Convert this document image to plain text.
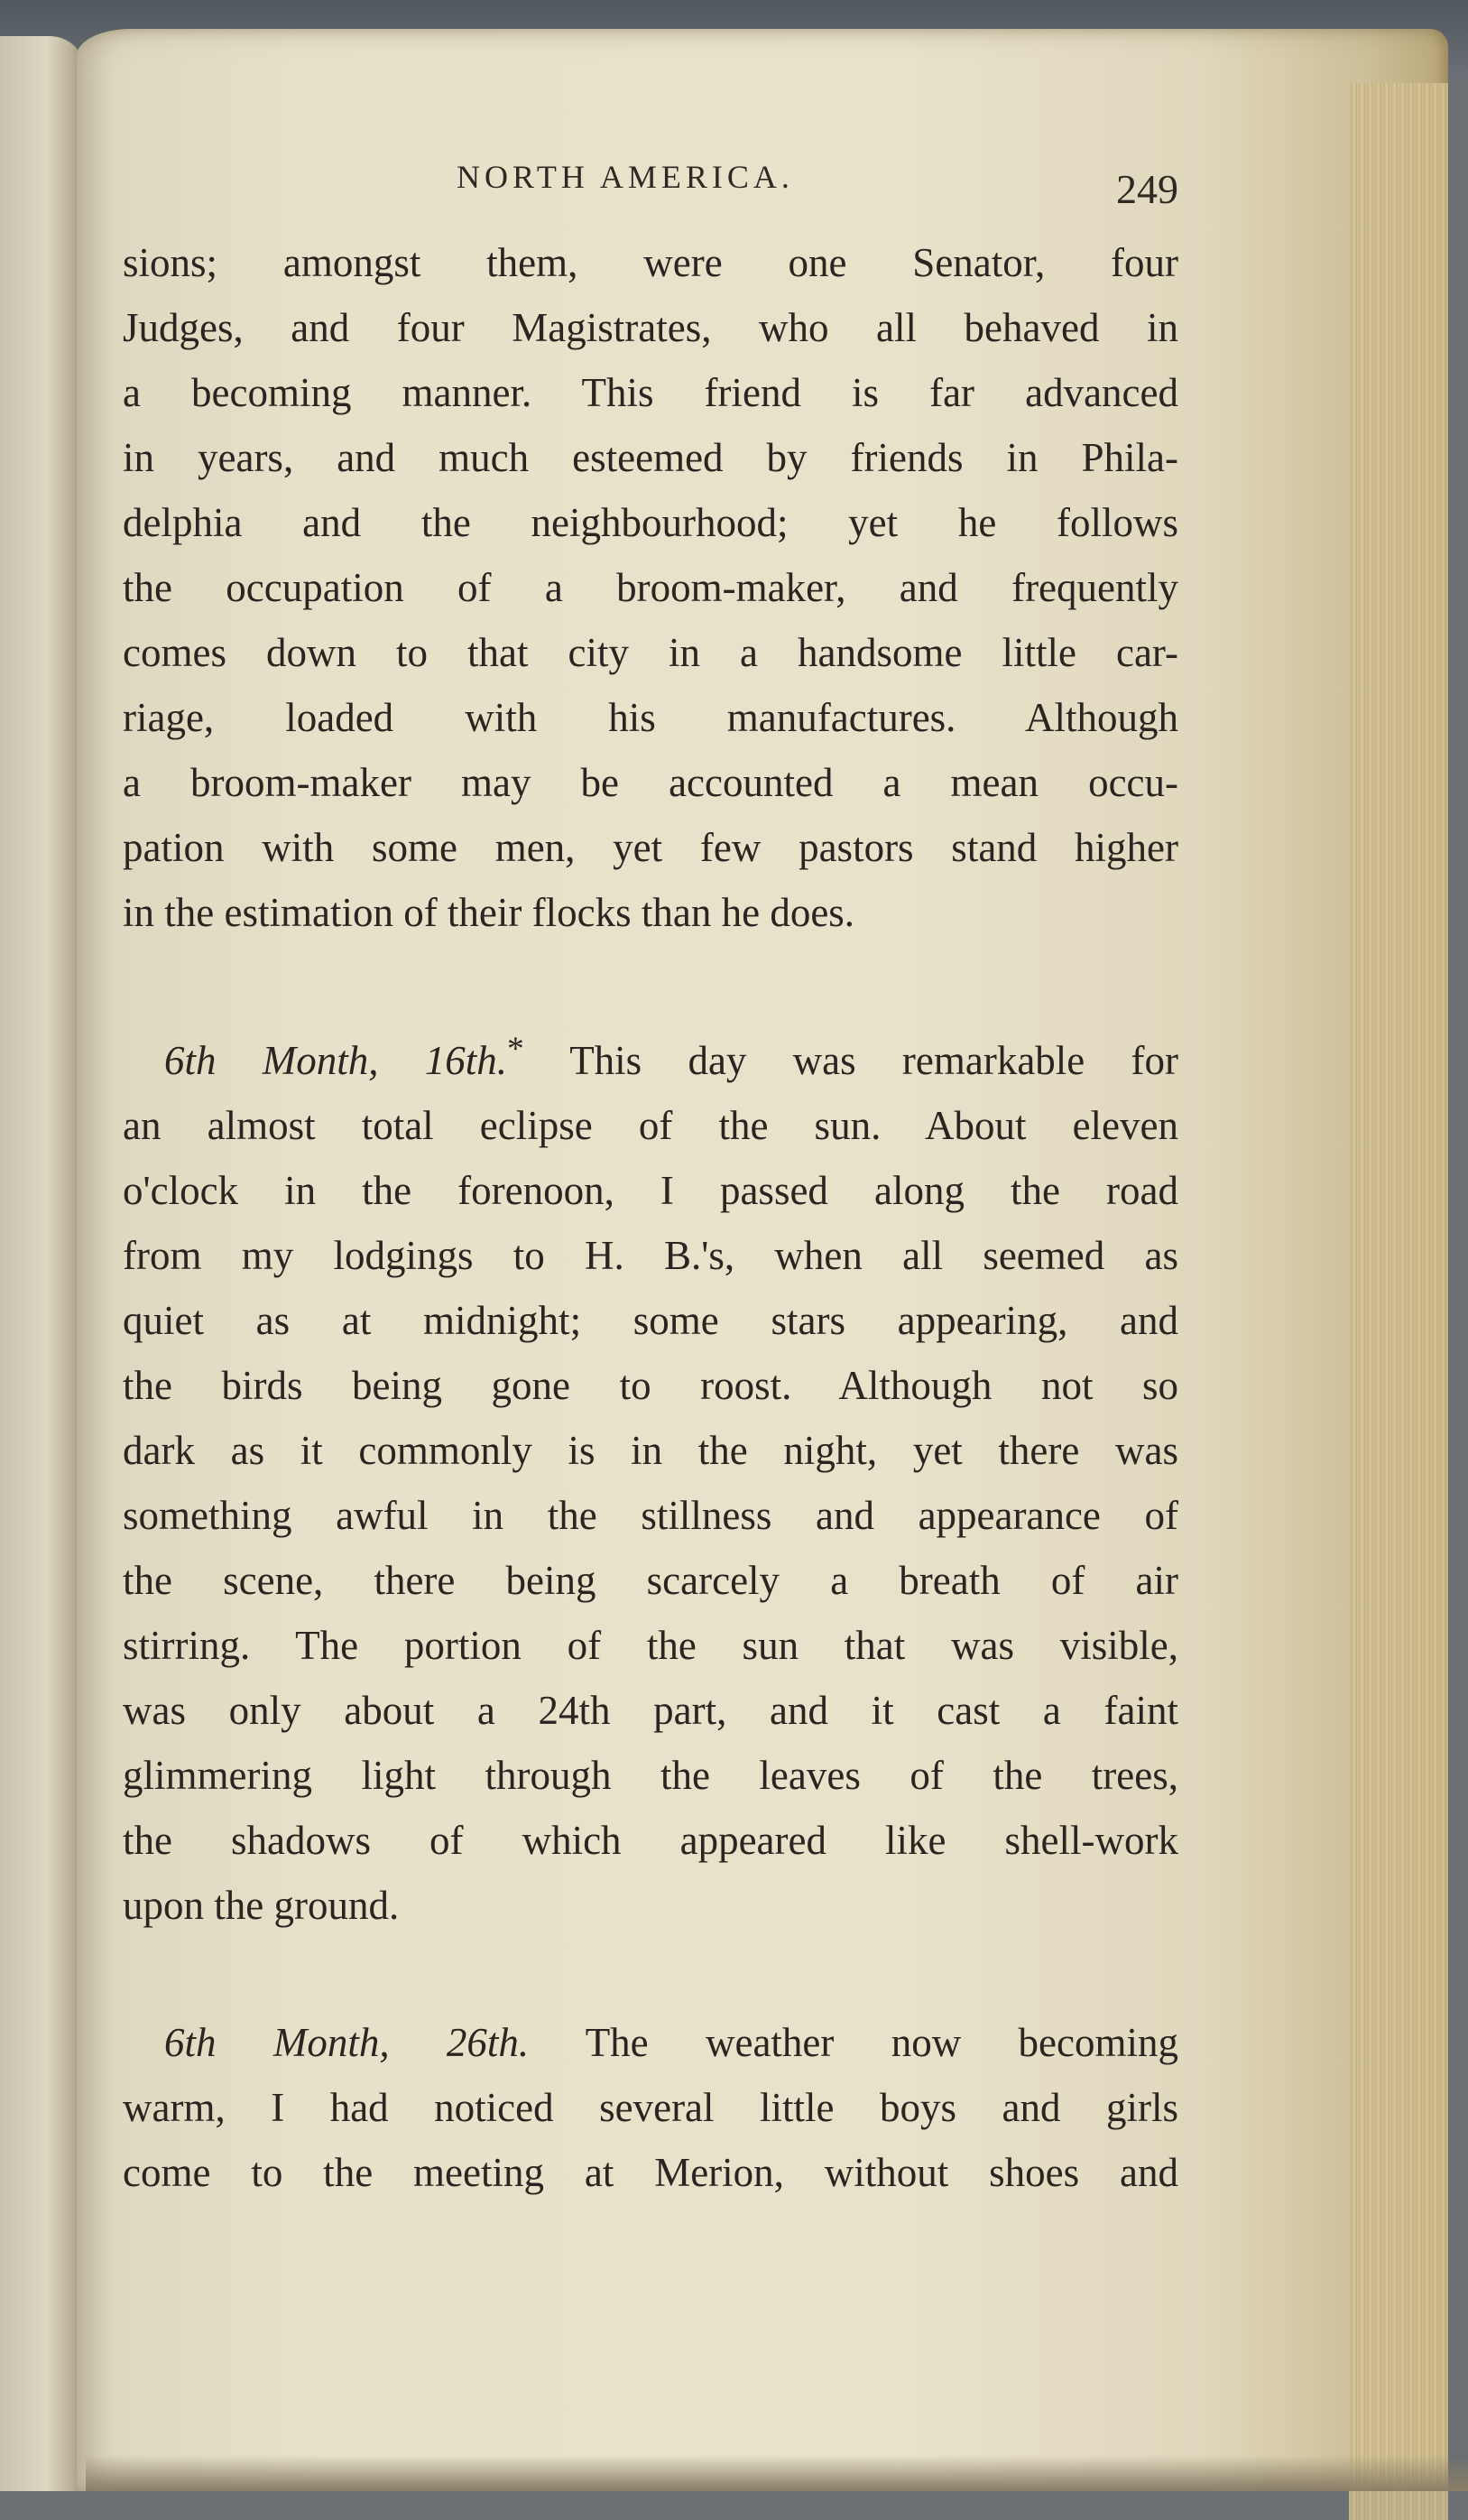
NORTH AMERICA.	249

sions; amongst them, were one Senator, four
Judges, and four Magistrates, who all behaved in
a becoming manner. This friend is far advanced
in years, and much esteemed by friends in Phila-
delphia and the neighbourhood; yet he follows
the occupation of a broom-maker, and frequently
comes down to that city in a handsome little car-
riage, loaded with his manufactures. Although
a broom-maker may be accounted a mean occu-
pation with some men, yet few pastors stand higher
in the estimation of their flocks than he does.

6th Month, 16th.* This day was remarkable for
an almost total eclipse of the sun. About eleven
o'clock in the forenoon, I passed along the road
from my lodgings to H. B.'s, when all seemed as
quiet as at midnight; some stars appearing, and
the birds being gone to roost. Although not so
dark as it commonly is in the night, yet there was
something awful in the stillness and appearance of
the scene, there being scarcely a breath of air
stirring. The portion of the sun that was visible,
was only about a 24th part, and it cast a faint
glimmering light through the leaves of the trees,
the shadows of which appeared like shell-work
upon the ground.

6th Month, 26th. The weather now becoming
warm, I had noticed several little boys and girls
come to the meeting at Merion, without shoes and
